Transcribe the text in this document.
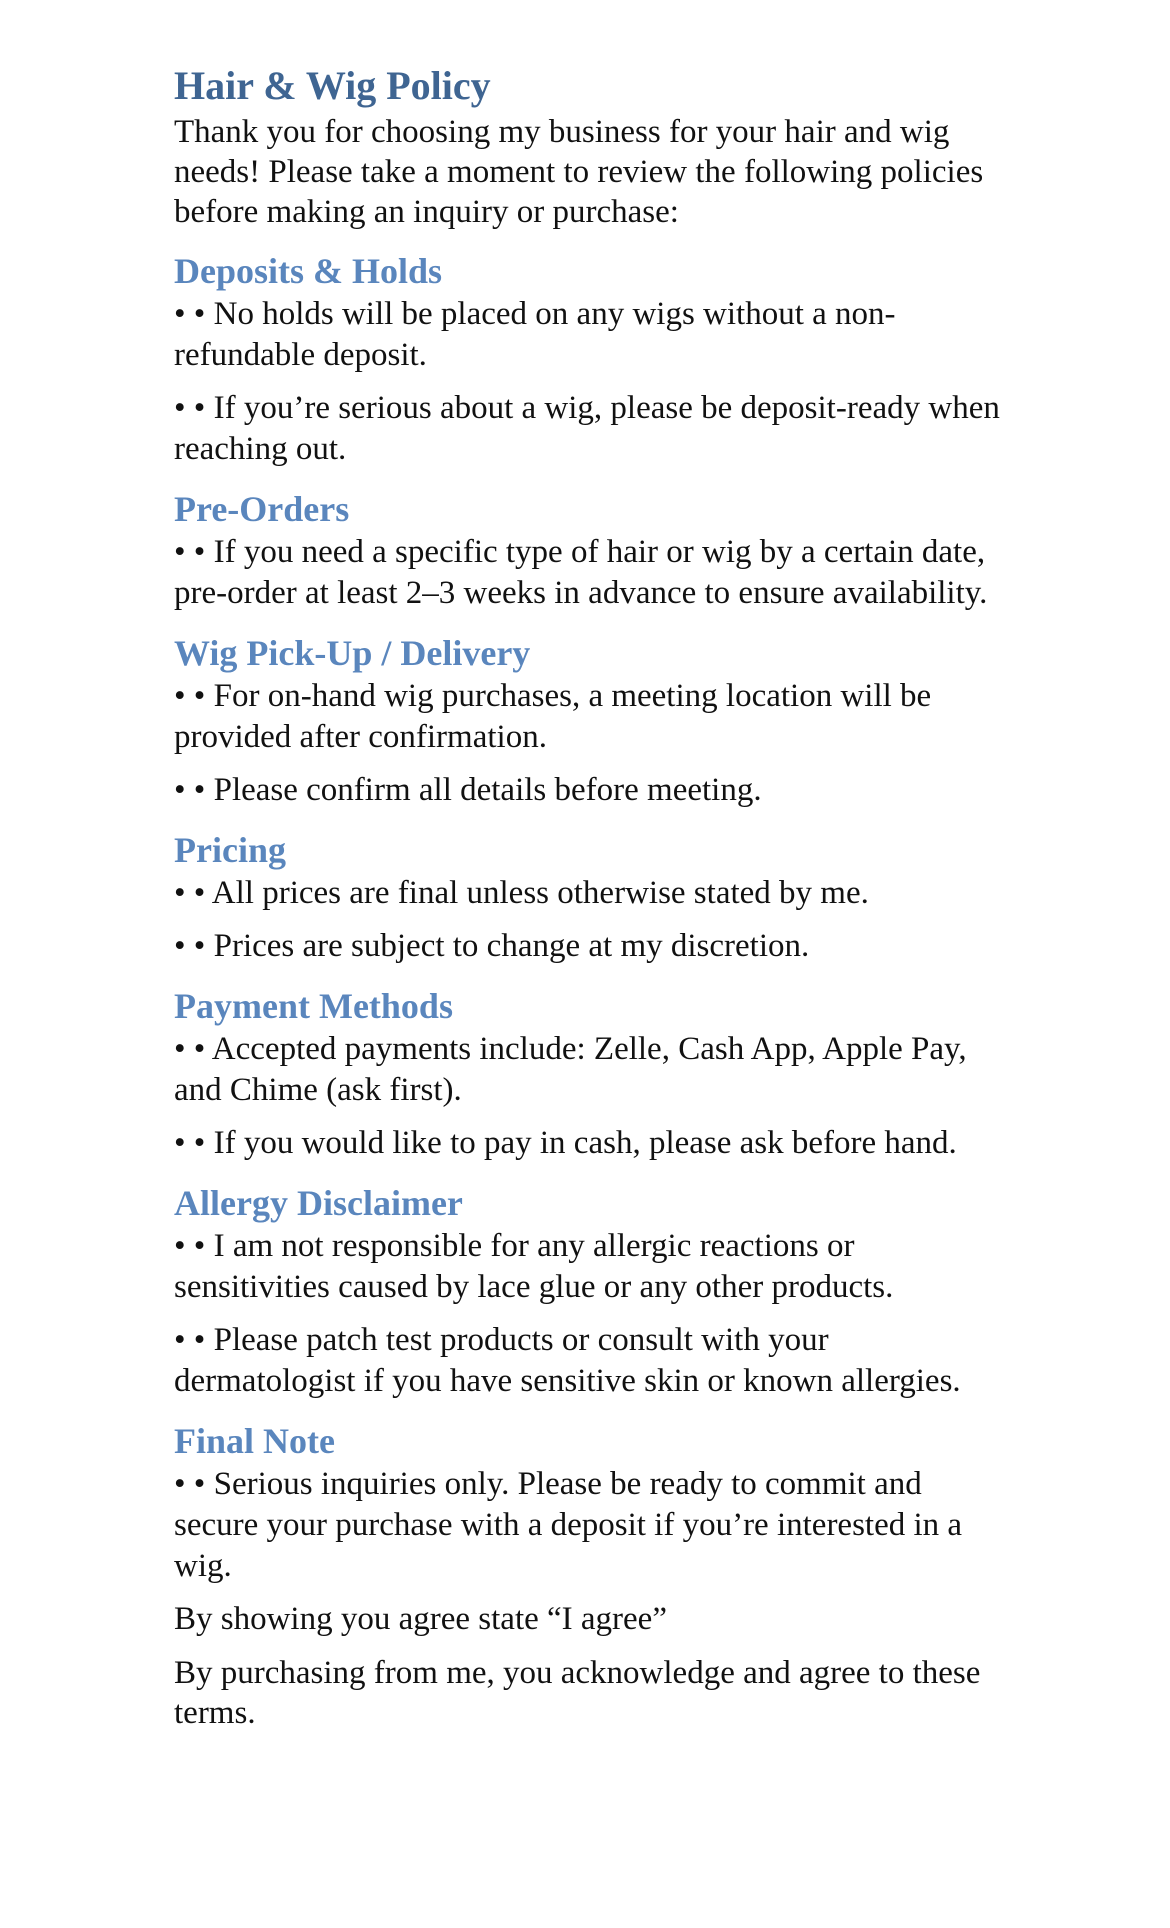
Hair & Wig Policy

Thank you for choosing my business for your hair and wig needs! Please take a moment to review the following policies before making an inquiry or purchase:

Deposits & Holds

• • No holds will be placed on any wigs without a non-refundable deposit.

• • If you’re serious about a wig, please be deposit-ready when reaching out.

Pre-Orders

• • If you need a specific type of hair or wig by a certain date, pre-order at least 2–3 weeks in advance to ensure availability.

Wig Pick-Up / Delivery

• • For on-hand wig purchases, a meeting location will be provided after confirmation.

• • Please confirm all details before meeting.

Pricing

• • All prices are final unless otherwise stated by me.

• • Prices are subject to change at my discretion.

Payment Methods

• • Accepted payments include: Zelle, Cash App, Apple Pay, and Chime (ask first).

• • If you would like to pay in cash, please ask before hand.

Allergy Disclaimer

• • I am not responsible for any allergic reactions or sensitivities caused by lace glue or any other products.

• • Please patch test products or consult with your dermatologist if you have sensitive skin or known allergies.

Final Note

• • Serious inquiries only. Please be ready to commit and secure your purchase with a deposit if you’re interested in a wig.

By showing you agree state “I agree”

By purchasing from me, you acknowledge and agree to these terms.
